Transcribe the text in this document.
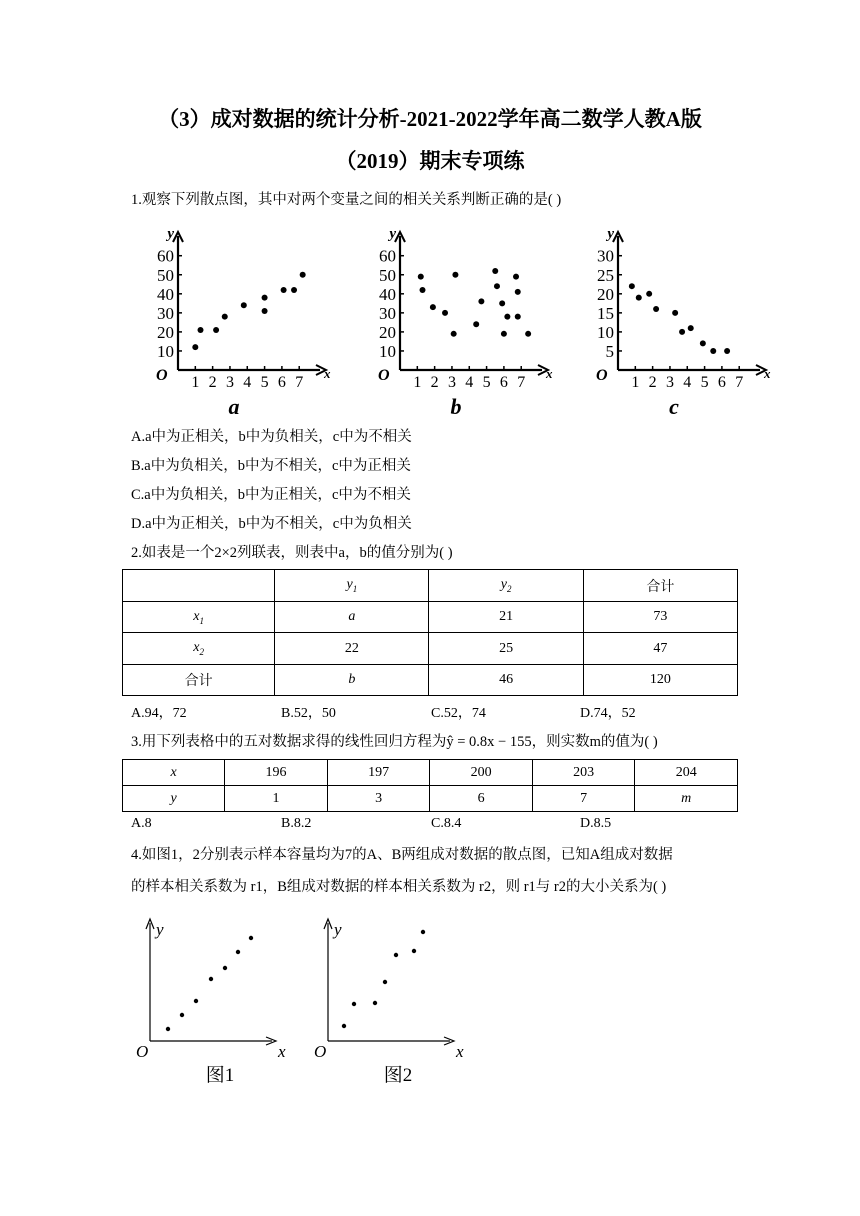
（3）成对数据的统计分析-2021-2022学年高二数学人教A版
（2019）期末专项练
1.观察下列散点图，其中对两个变量之间的相关关系判断正确的是( )
y
x
O
60
50
40
30
20
10
1 2 3 4 5 6 7
a
y
x
O
60
50
40
30
20
10
1 2 3 4 5 6 7
b
y
x
O
30
25
20
15
10
5
1 2 3 4 5 6 7
c
A.a中为正相关，b中为负相关，c中为不相关
B.a中为负相关，b中为不相关，c中为正相关
C.a中为负相关，b中为正相关，c中为不相关
D.a中为正相关，b中为不相关，c中为负相关
2.如表是一个2×2列联表，则表中a，b的值分别为( )
	$y_1$	$y_2$	合计
$x_1$	a	21	73
$x_2$	22	25	47
合计	b	46	120
A.94，72	B.52，50	C.52，74	D.74，52
3.用下列表格中的五对数据求得的线性回归方程为ŷ = 0.8x − 155，则实数m的值为( )
x	196	197	200	203	204
y	1	3	6	7	m
A.8	B.8.2	C.8.4	D.8.5
4.如图1，2分别表示样本容量均为7的A、B两组成对数据的散点图，已知A组成对数据
的样本相关系数为 r1，B组成对数据的样本相关系数为 r2，则 r1与 r2的大小关系为( )
y
x
O
图1
y
x
O
图2
